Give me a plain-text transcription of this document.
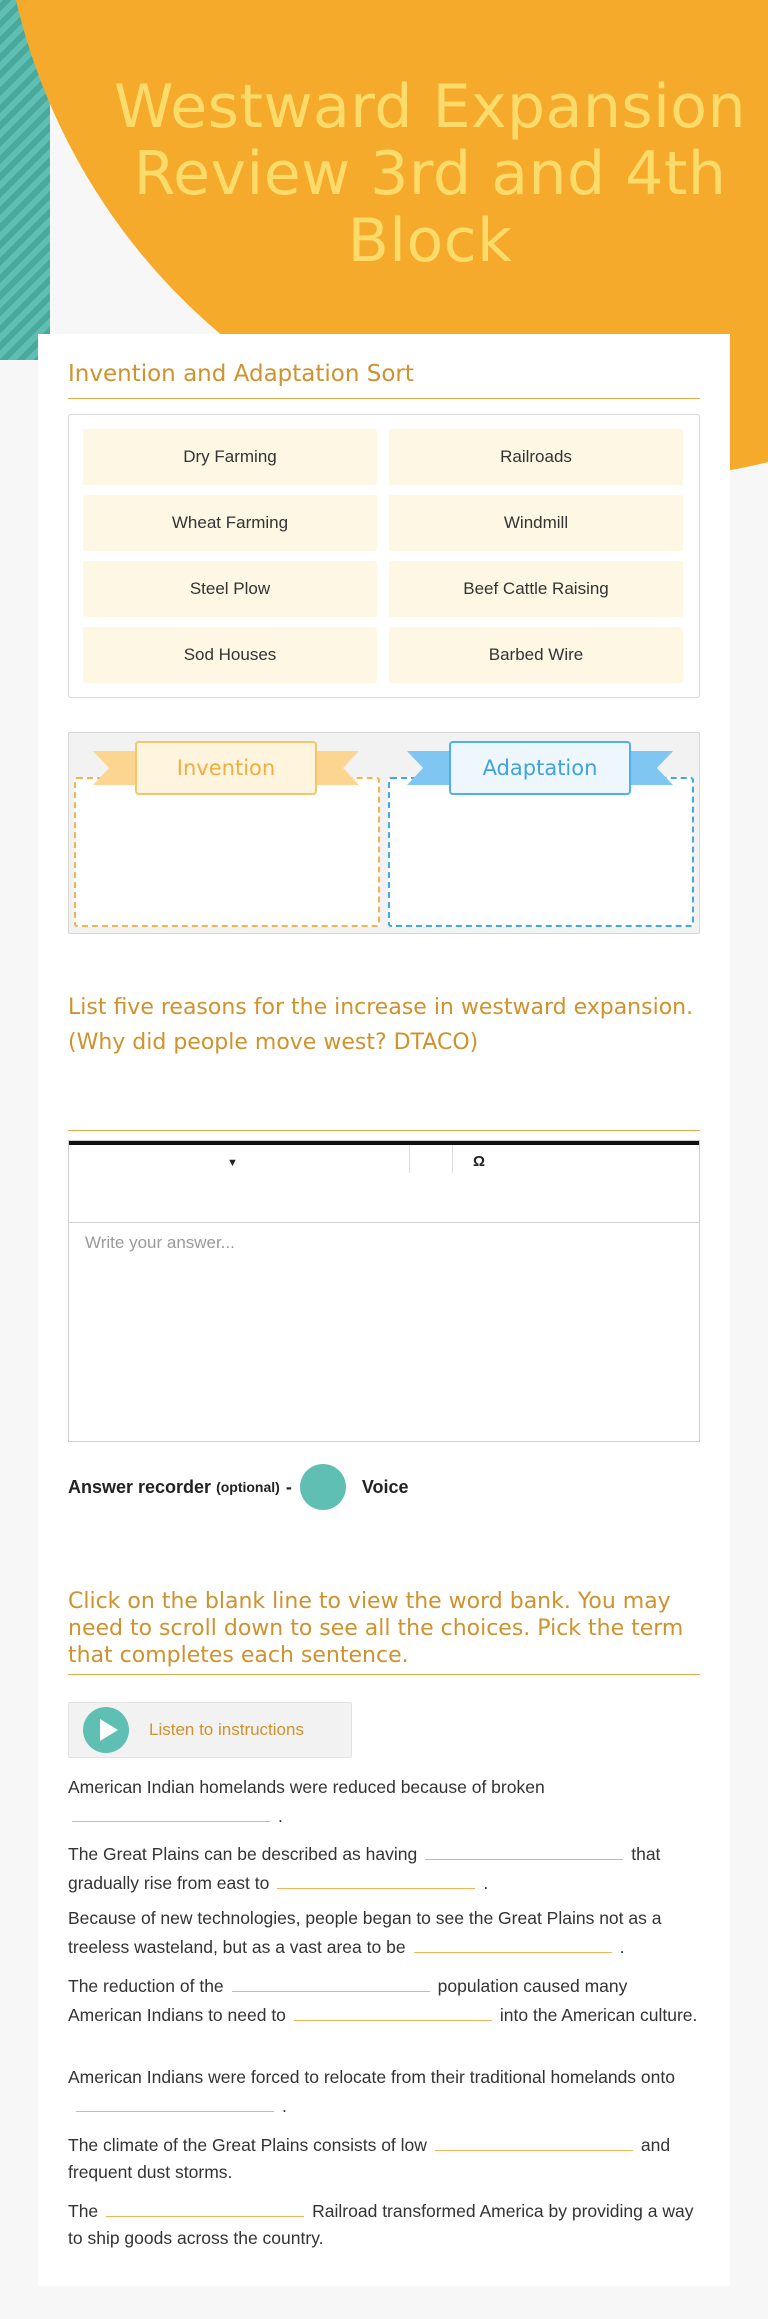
Westward Expansion Review 3rd and 4th Block
Invention and Adaptation Sort
Dry Farming	Railroads
Wheat Farming	Windmill
Steel Plow	Beef Cattle Raising
Sod Houses	Barbed Wire
Invention	Adaptation
List five reasons for the increase in westward expansion.
(Why did people move west? DTACO)
▼	Ω
Write your answer...
Answer recorder (optional) -	Voice
Click on the blank line to view the word bank. You may need to scroll down to see all the choices. Pick the term that completes each sentence.
Listen to instructions
American Indian homelands were reduced because of broken
.
The Great Plains can be described as having	that gradually rise from east to	.
Because of new technologies, people began to see the Great Plains not as a treeless wasteland, but as a vast area to be	.
The reduction of the	population caused many American Indians to need to	into the American culture.
American Indians were forced to relocate from their traditional homelands onto.
The climate of the Great Plains consists of low	and frequent dust storms.
The	Railroad transformed America by providing a way to ship goods across the country.
